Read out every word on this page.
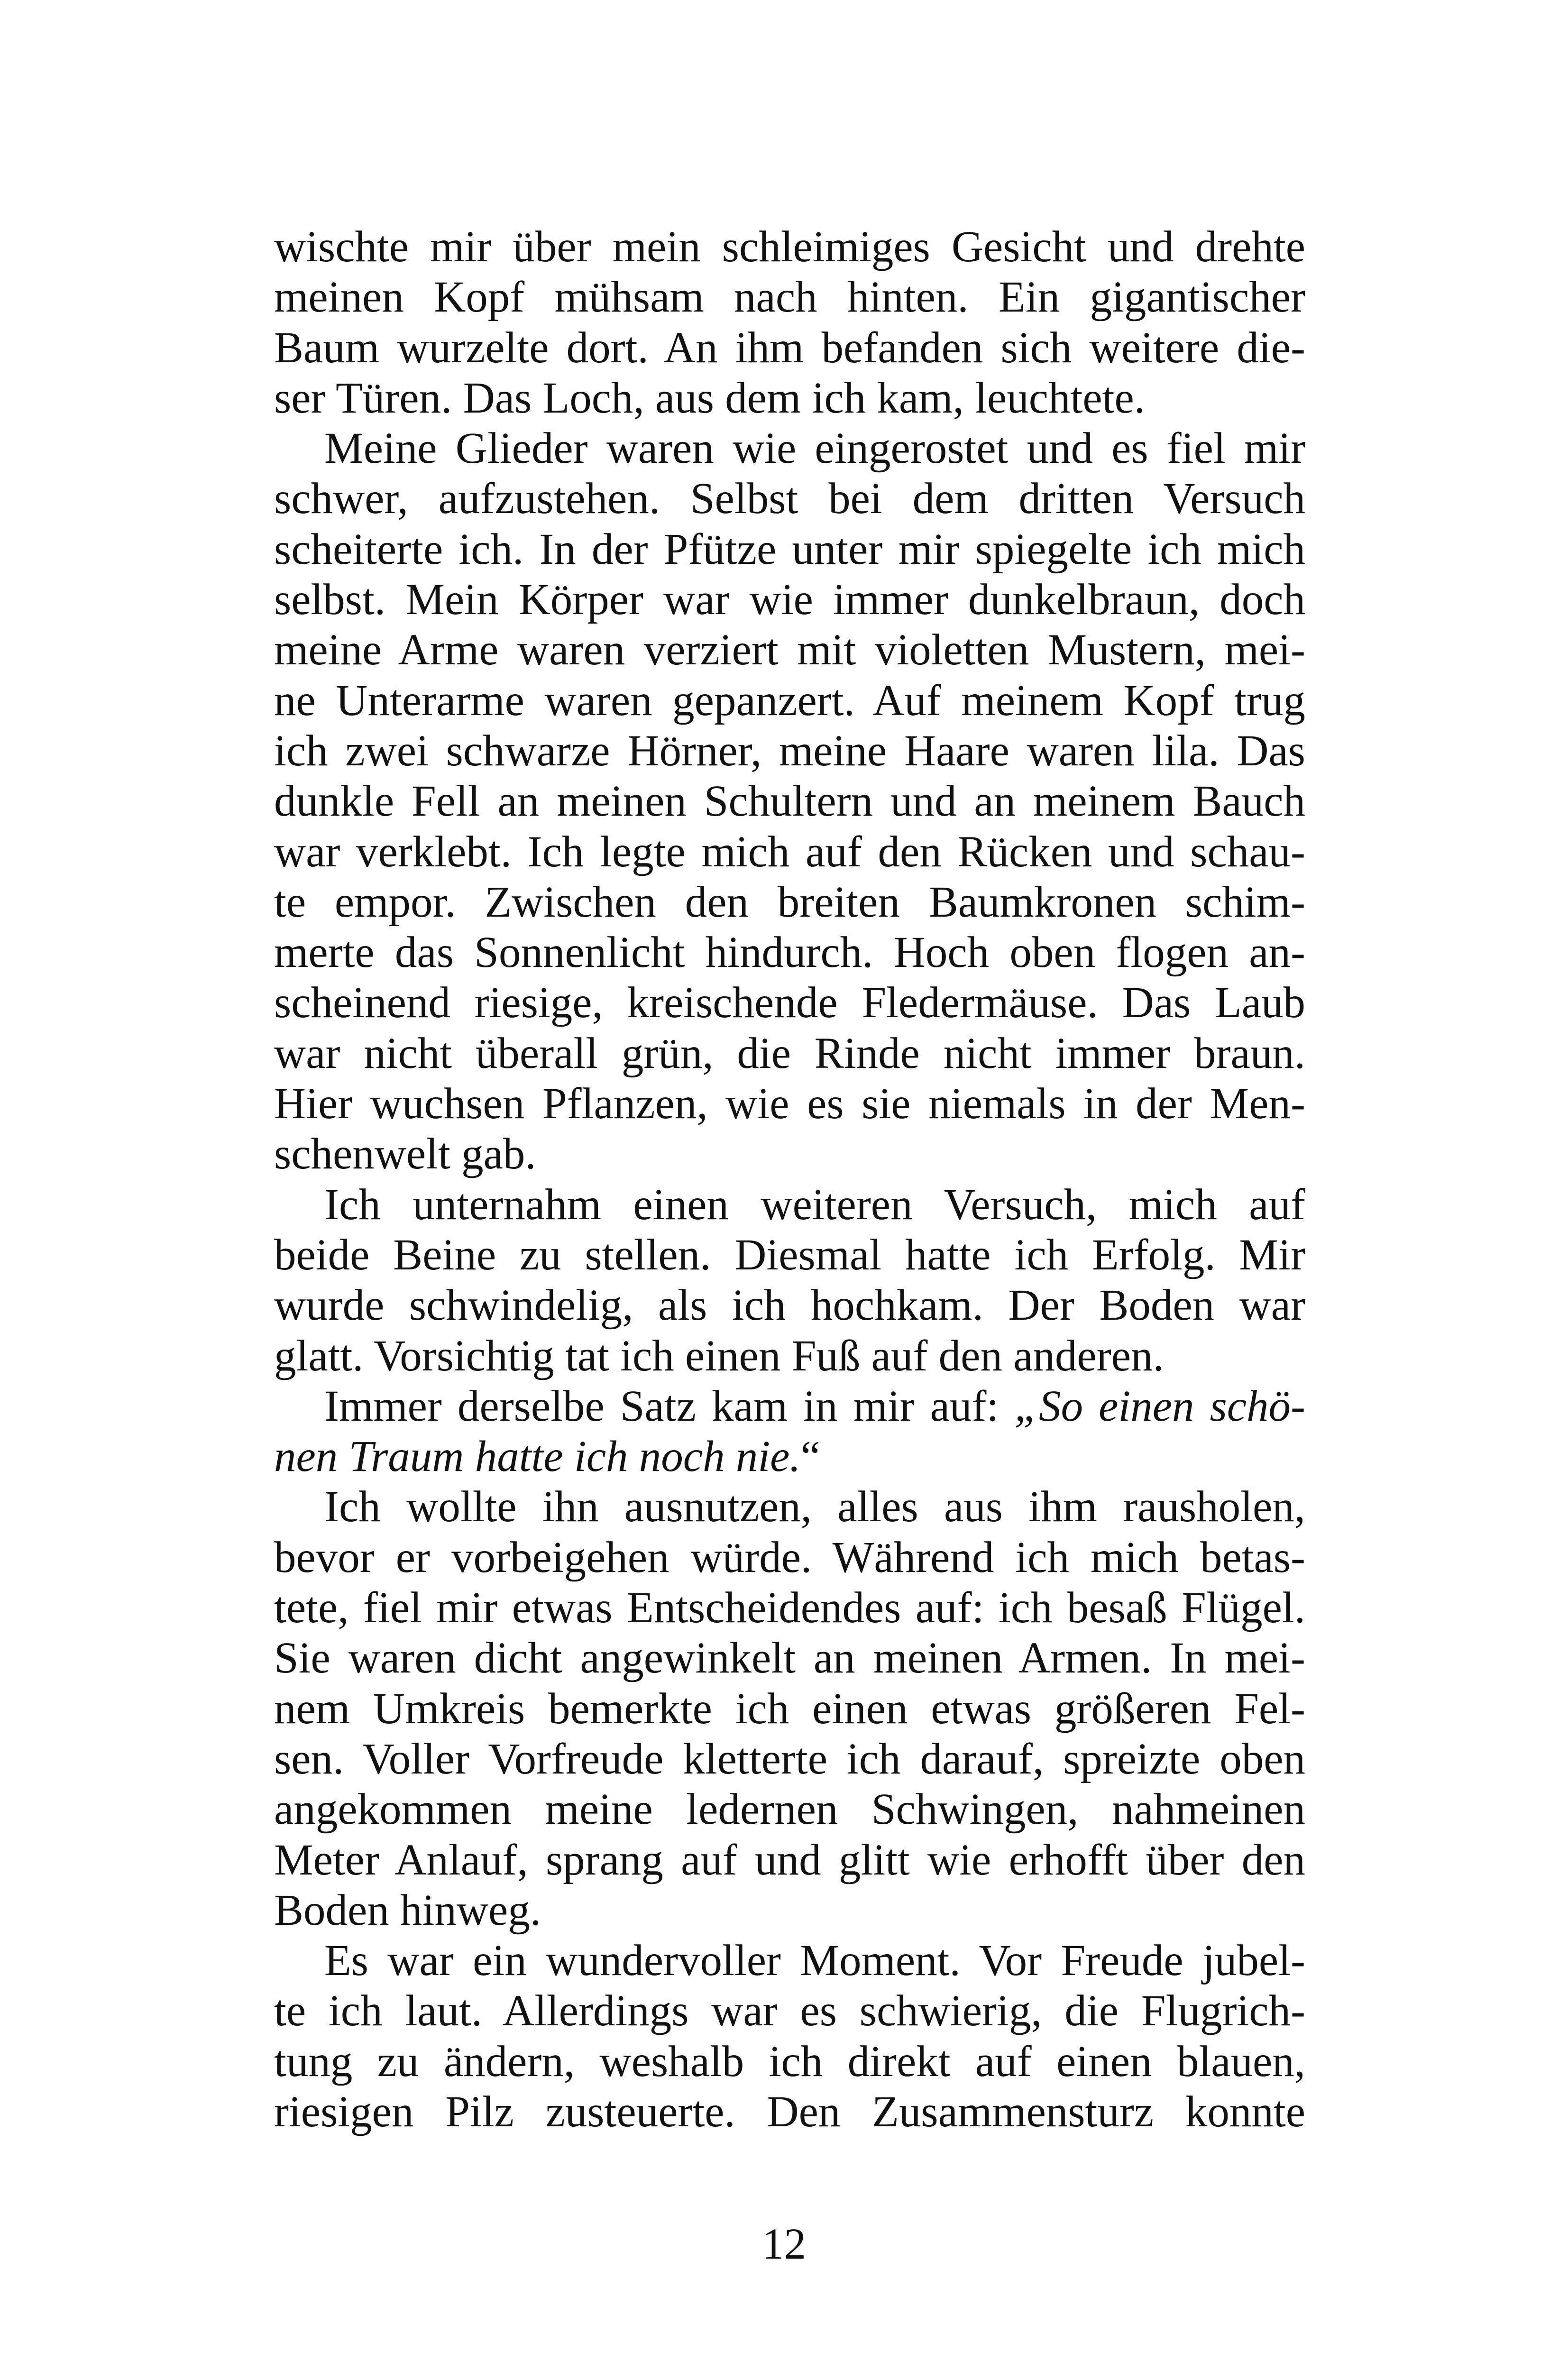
wischte mir über mein schleimiges Gesicht und drehte
meinen Kopf mühsam nach hinten. Ein gigantischer
Baum wurzelte dort. An ihm befanden sich weitere die-
ser Türen. Das Loch, aus dem ich kam, leuchtete.
Meine Glieder waren wie eingerostet und es fiel mir
schwer, aufzustehen. Selbst bei dem dritten Versuch
scheiterte ich. In der Pfütze unter mir spiegelte ich mich
selbst. Mein Körper war wie immer dunkelbraun, doch
meine Arme waren verziert mit violetten Mustern, mei-
ne Unterarme waren gepanzert. Auf meinem Kopf trug
ich zwei schwarze Hörner, meine Haare waren lila. Das
dunkle Fell an meinen Schultern und an meinem Bauch
war verklebt. Ich legte mich auf den Rücken und schau-
te empor. Zwischen den breiten Baumkronen schim-
merte das Sonnenlicht hindurch. Hoch oben flogen an-
scheinend riesige, kreischende Fledermäuse. Das Laub
war nicht überall grün, die Rinde nicht immer braun.
Hier wuchsen Pflanzen, wie es sie niemals in der Men-
schenwelt gab.
Ich unternahm einen weiteren Versuch, mich auf
beide Beine zu stellen. Diesmal hatte ich Erfolg. Mir
wurde schwindelig, als ich hochkam. Der Boden war
glatt. Vorsichtig tat ich einen Fuß auf den anderen.
Immer derselbe Satz kam in mir auf: „So einen schö-
nen Traum hatte ich noch nie.“
Ich wollte ihn ausnutzen, alles aus ihm rausholen,
bevor er vorbeigehen würde. Während ich mich betas-
tete, fiel mir etwas Entscheidendes auf: ich besaß Flügel.
Sie waren dicht angewinkelt an meinen Armen. In mei-
nem Umkreis bemerkte ich einen etwas größeren Fel-
sen. Voller Vorfreude kletterte ich darauf, spreizte oben
angekommen meine ledernen Schwingen, nahmeinen
Meter Anlauf, sprang auf und glitt wie erhofft über den
Boden hinweg.
Es war ein wundervoller Moment. Vor Freude jubel-
te ich laut. Allerdings war es schwierig, die Flugrich-
tung zu ändern, weshalb ich direkt auf einen blauen,
riesigen Pilz zusteuerte. Den Zusammensturz konnte
12
